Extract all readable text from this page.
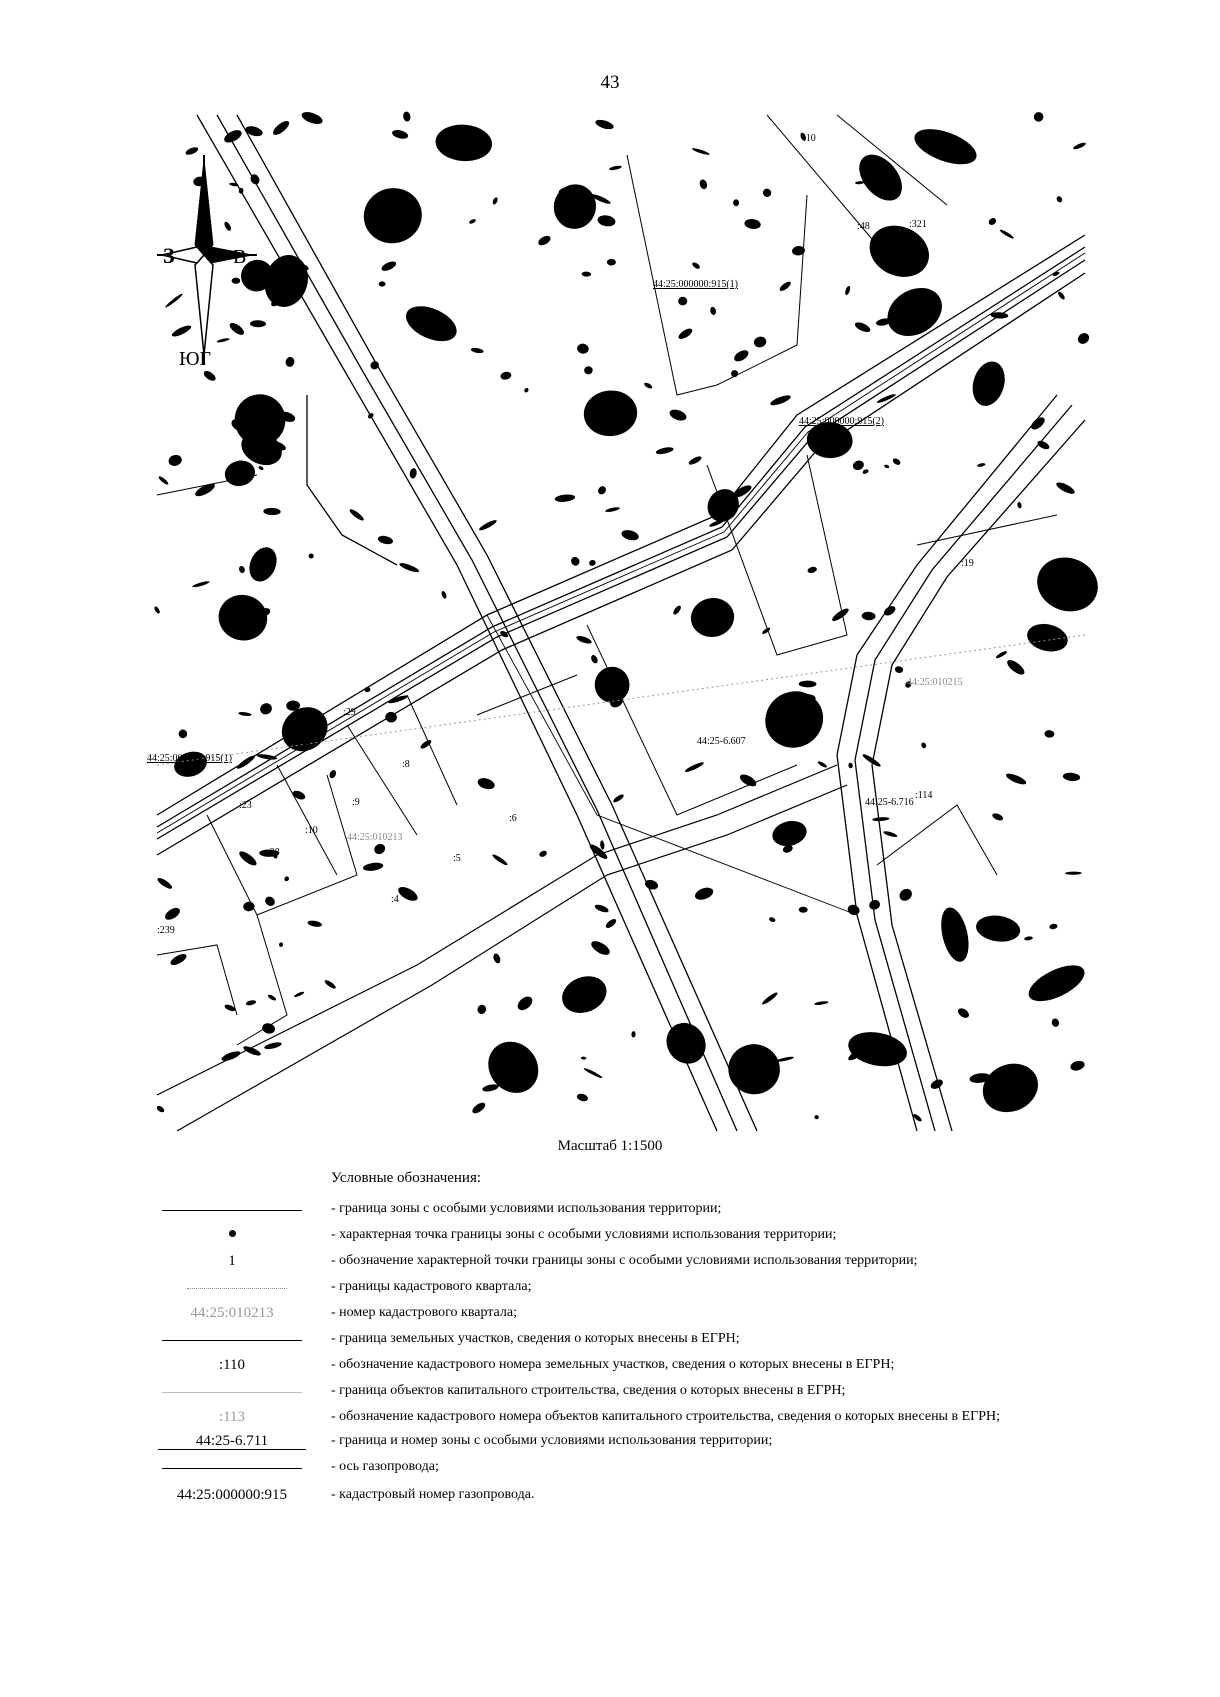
43
З	В
ЮГ
44:25:000000:915(1)
44:25:000000:915(2)
44:25:000000:915(1)
44:25:010213
44:25:010215
44:25-6.607
44:25-6.716
:10
:19
:8
:9
:10
:28
:23
:29
:6
:5
:4
:239
:114
:321
:48
Масштаб 1:1500
Условные обозначения:
- граница зоны с особыми условиями использования территории;
- характерная точка границы зоны с особыми условиями использования территории;
1	- обозначение характерной точки границы зоны с особыми условиями использования территории;
- границы кадастрового квартала;
44:25:010213	- номер кадастрового квартала;
- граница земельных участков, сведения о которых внесены в ЕГРН;
:110	- обозначение кадастрового номера земельных участков, сведения о которых внесены в ЕГРН;
- граница объектов капитального строительства, сведения о которых внесены в ЕГРН;
:113	- обозначение кадастрового номера объектов капитального строительства, сведения о которых внесены в ЕГРН;
44:25-6.711	- граница и номер зоны с особыми условиями использования территории;
- ось газопровода;
44:25:000000:915	- кадастровый номер газопровода.
